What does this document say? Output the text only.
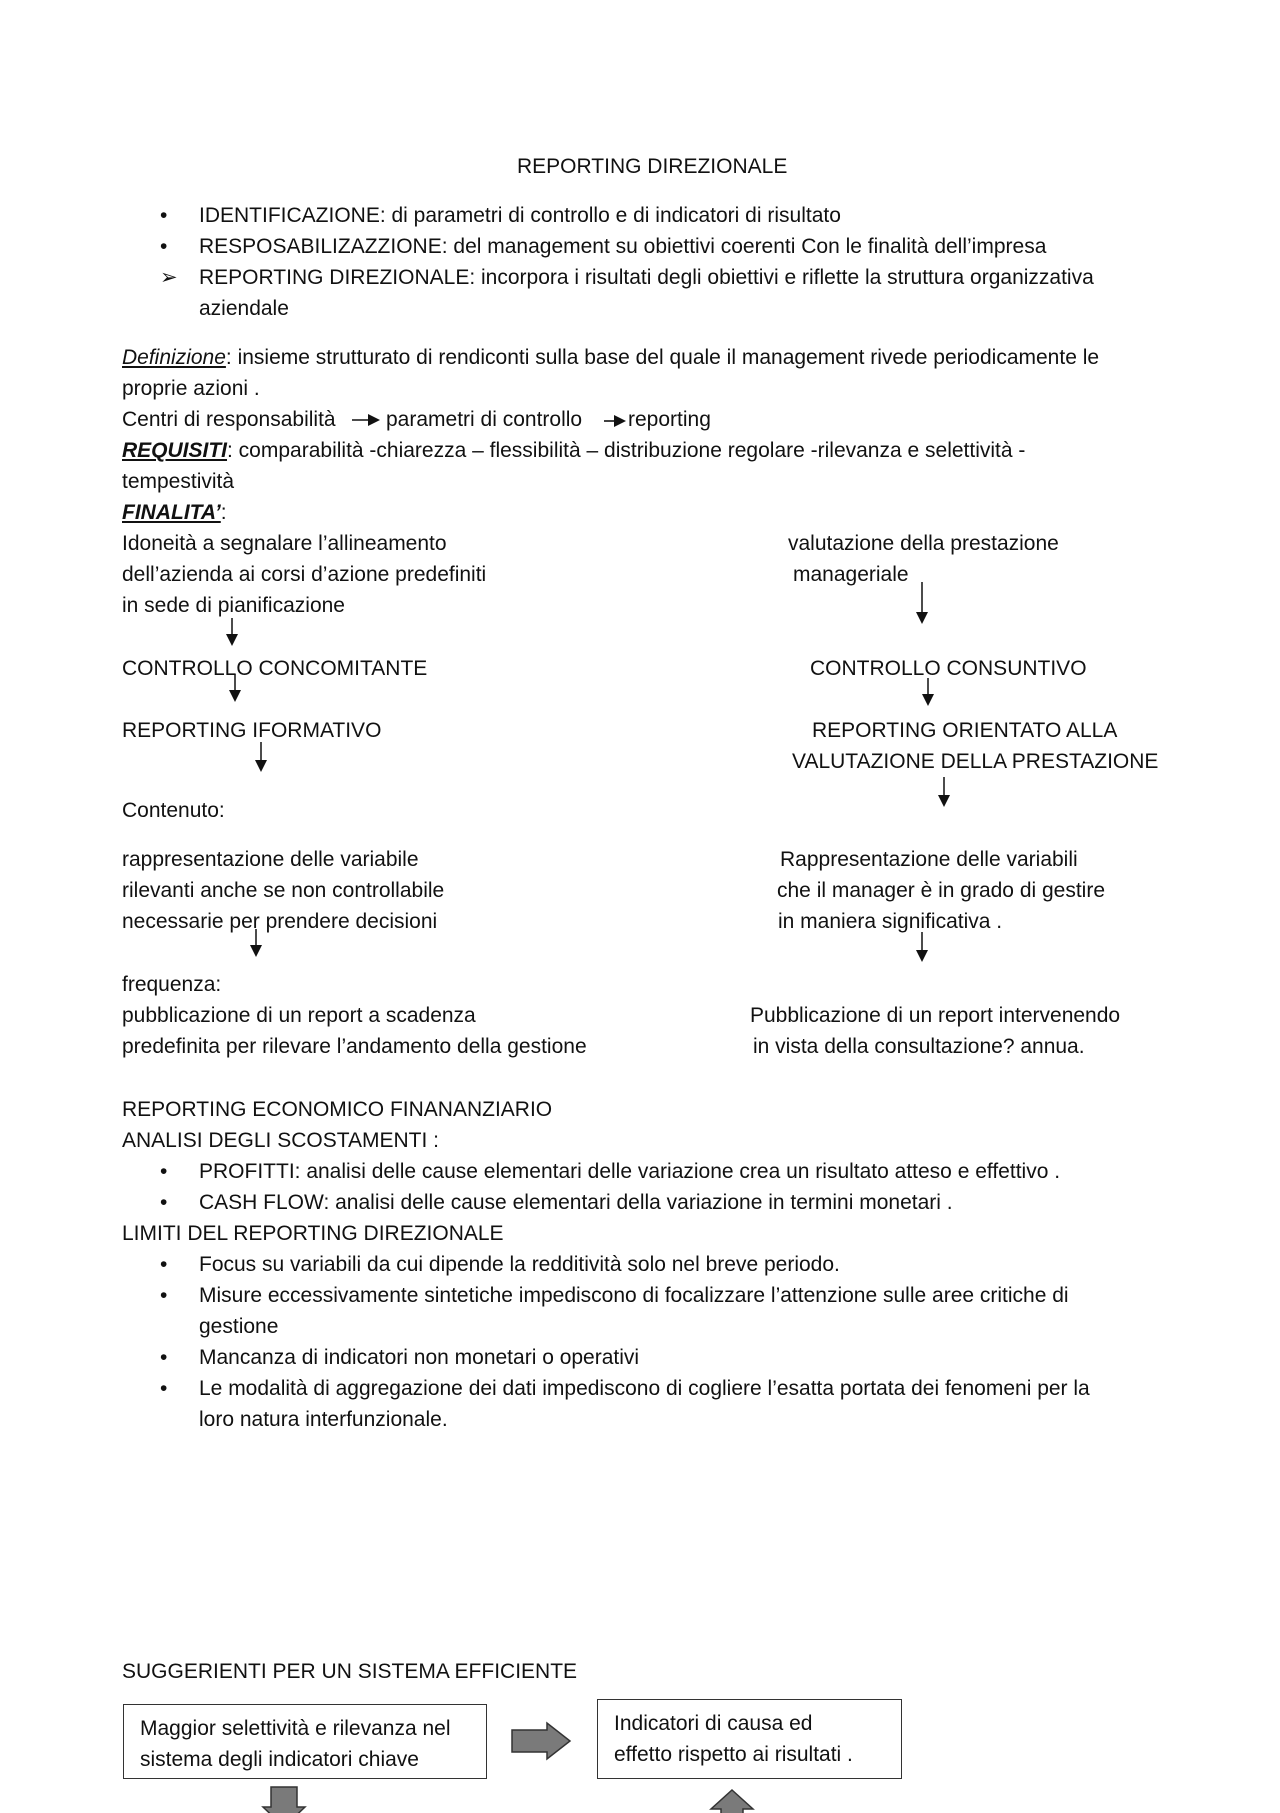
REPORTING DIREZIONALE
• IDENTIFICAZIONE: di parametri di controllo e di indicatori di risultato
• RESPOSABILIZAZZIONE: del management su obiettivi coerenti Con le finalità dell’impresa
➢ REPORTING DIREZIONALE: incorpora i risultati degli obiettivi e riflette la struttura organizzativa
aziendale
Definizione: insieme strutturato di rendiconti sulla base del quale il management rivede periodicamente le
proprie azioni .
Centri di responsabilità parametri di controllo reporting
REQUISITI: comparabilità -chiarezza – flessibilità – distribuzione regolare -rilevanza e selettività -
tempestività
FINALITA’:
Idoneità a segnalare l’allineamento
dell’azienda ai corsi d’azione predefiniti
in sede di pianificazione
CONTROLLO CONCOMITANTE
REPORTING IFORMATIVO
Contenuto:
rappresentazione delle variabile
rilevanti anche se non controllabile
necessarie per prendere decisioni
frequenza:
pubblicazione di un report a scadenza
predefinita per rilevare l’andamento della gestione
valutazione della prestazione
manageriale
CONTROLLO CONSUNTIVO
REPORTING ORIENTATO ALLA
VALUTAZIONE DELLA PRESTAZIONE
Rappresentazione delle variabili
che il manager è in grado di gestire
in maniera significativa .
Pubblicazione di un report intervenendo
in vista della consultazione? annua.
REPORTING ECONOMICO FINANANZIARIO
ANALISI DEGLI SCOSTAMENTI :
• PROFITTI: analisi delle cause elementari delle variazione crea un risultato atteso e effettivo .
• CASH FLOW: analisi delle cause elementari della variazione in termini monetari .
LIMITI DEL REPORTING DIREZIONALE
• Focus su variabili da cui dipende la redditività solo nel breve periodo.
• Misure eccessivamente sintetiche impediscono di focalizzare l’attenzione sulle aree critiche di
gestione
• Mancanza di indicatori non monetari o operativi
• Le modalità di aggregazione dei dati impediscono di cogliere l’esatta portata dei fenomeni per la
loro natura interfunzionale.
SUGGERIENTI PER UN SISTEMA EFFICIENTE
Maggior selettività e rilevanza nel
sistema degli indicatori chiave
Indicatori di causa ed
effetto rispetto ai risultati .
